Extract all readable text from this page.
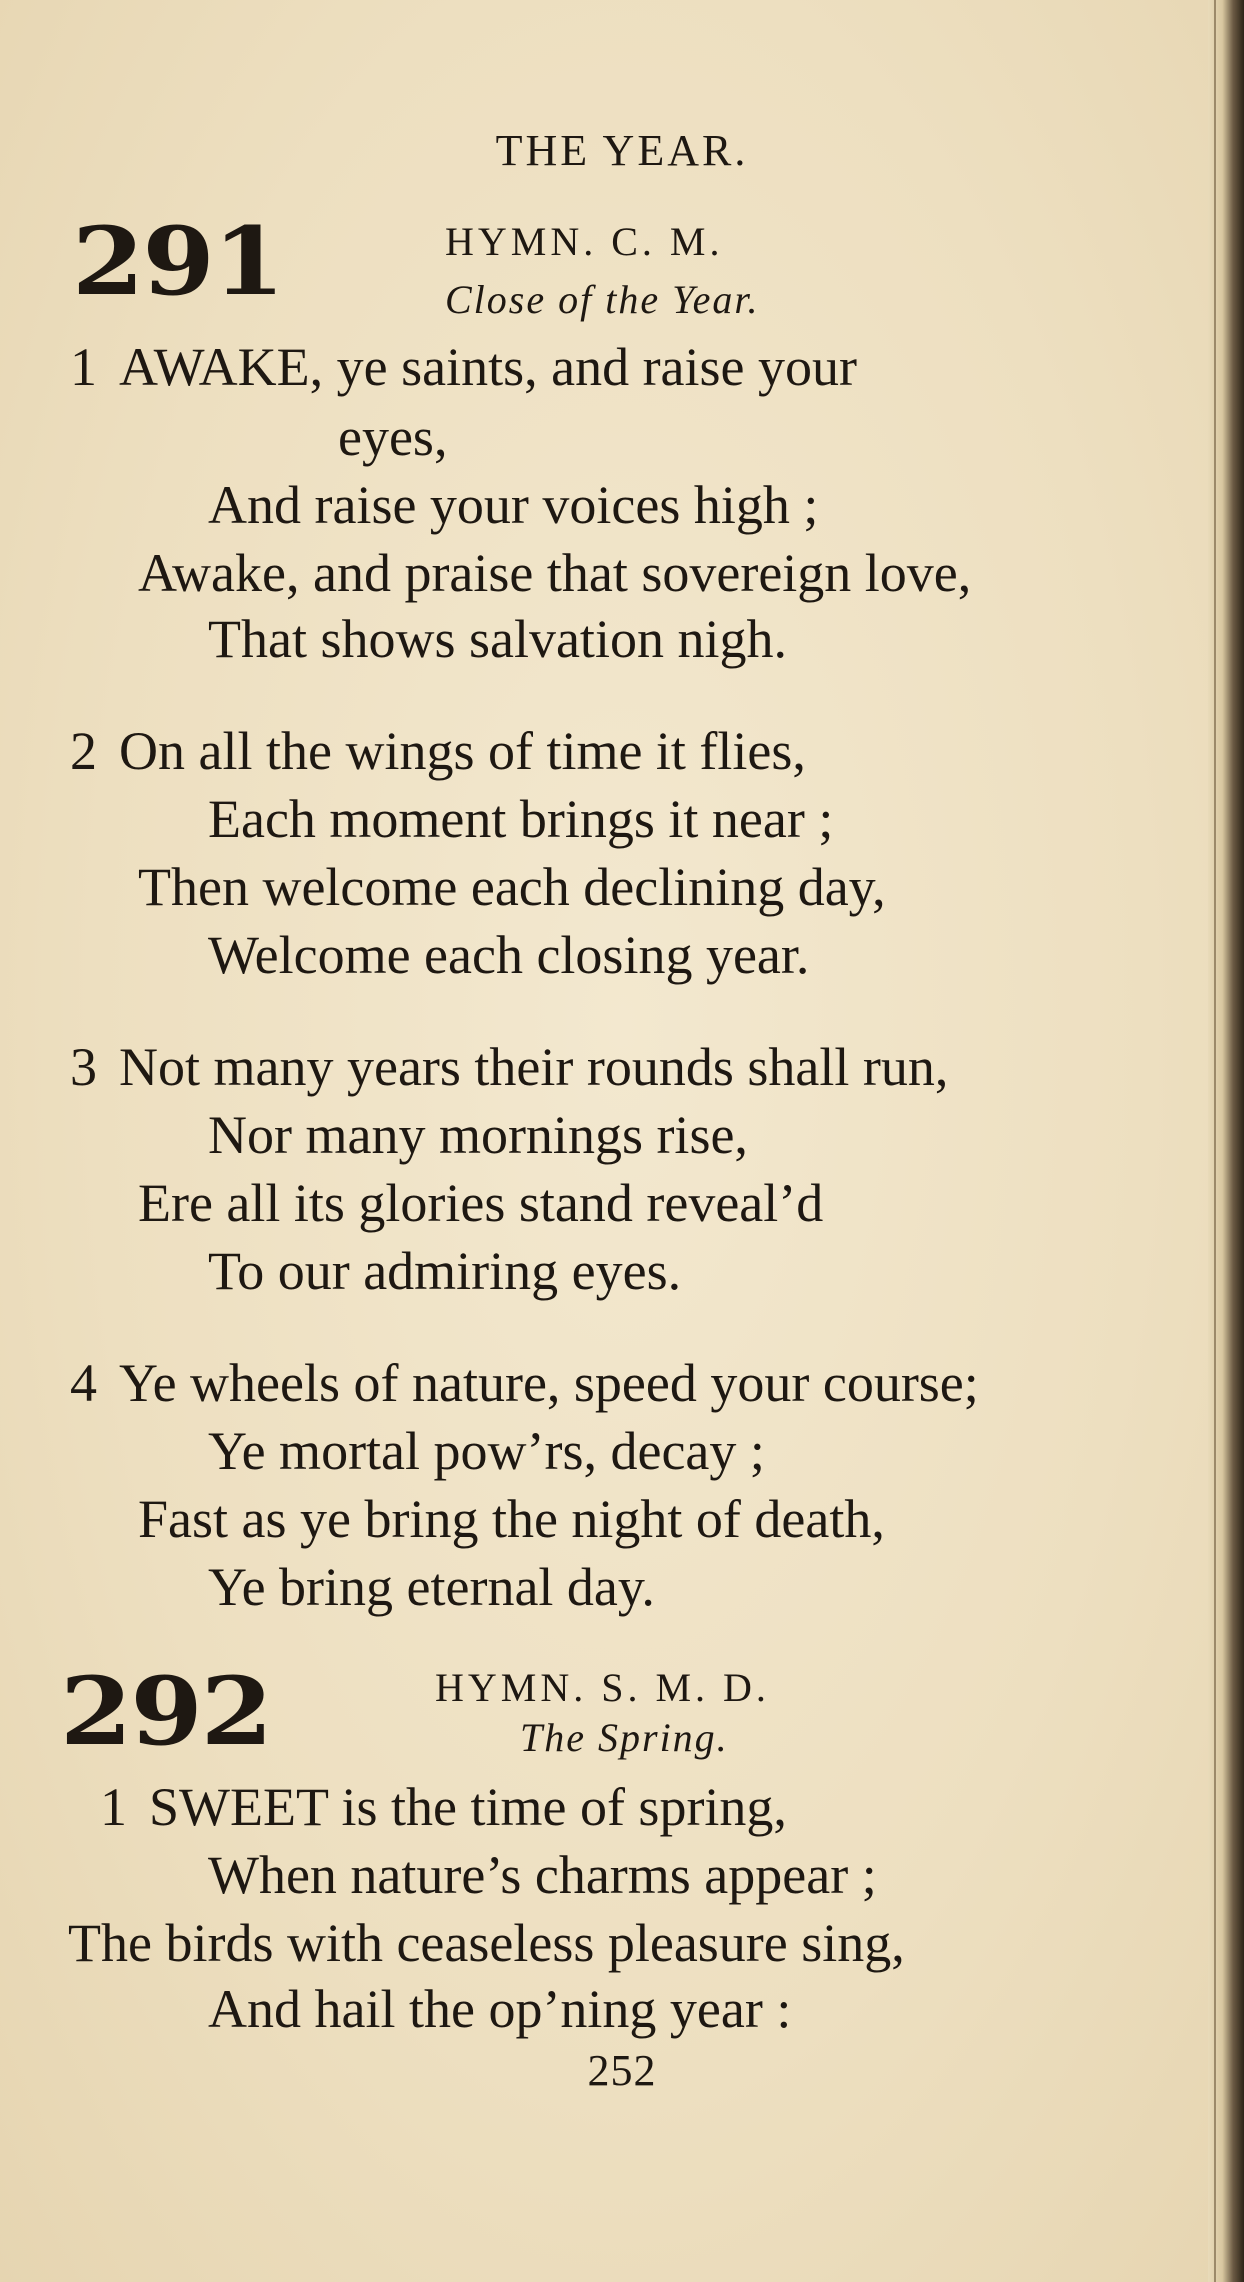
THE YEAR.
291	HYMN. C. M.
Close of the Year.
1 AWAKE, ye saints, and raise your
eyes,
And raise your voices high ;
Awake, and praise that sovereign love,
That shows salvation nigh.
2 On all the wings of time it flies,
Each moment brings it near ;
Then welcome each declining day,
Welcome each closing year.
3 Not many years their rounds shall run,
Nor many mornings rise,
Ere all its glories stand reveal’d
To our admiring eyes.
4 Ye wheels of nature, speed your course;
Ye mortal pow’rs, decay ;
Fast as ye bring the night of death,
Ye bring eternal day.
292	HYMN. S. M. D.
The Spring.
1 SWEET is the time of spring,
When nature’s charms appear ;
The birds with ceaseless pleasure sing,
And hail the op’ning year :
252
